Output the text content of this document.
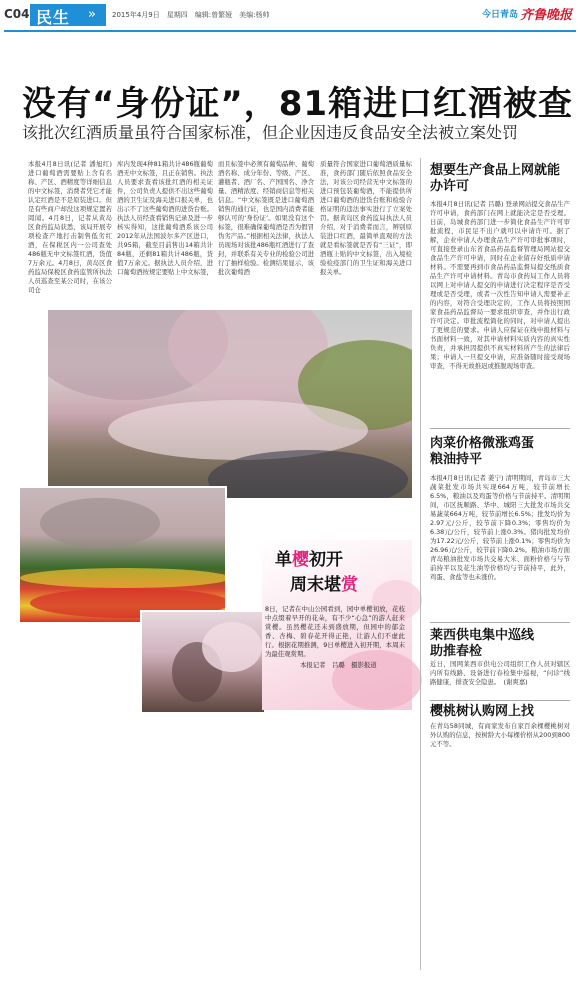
C04 民生 » 2015年4月9日　星期四　编辑:曾繁娅　美编:杨帅	今日青岛 齐鲁晚报
没有“身份证”，81箱进口红酒被查
该批次红酒质量虽符合国家标准，但企业因违反食品安全法被立案处罚
本报4月8日讯(记者 潘旭红) 进口葡萄酒需要贴上含有名称、产区、酒精度等详细信息的中文标签，消费者凭它才能认定红酒是不是原装进口。但是有些商户却没这项规定置若罔闻。4月8日，记者从黄岛区食药监局获悉，该局开展专项检查产地打击制售低劣红酒，在保税区内一公司查处486瓶无中文标签红酒，货值7万余元。4月8日，黄岛区食药监局保税区食药监管所执法人员巡查至某公司时，在该公司仓
库内发现4种81箱共计486瓶葡萄酒无中文标签，且正在销售。执法人员要求查看该批红酒的相关证件，公司负责人提供不出这些葡萄酒的卫生证及海关进口报关单，也出示不了这些葡萄酒的进货台账。执法人员经查看销售记录及进一步核实得知，这批葡萄酒系该公司2012年从法国波尔多产区进口，共95箱，截至目前售出14箱共计84瓶，还剩81箱共计486瓶，货值7万余元。据执法人员介绍，进口葡萄酒按规定要贴上中文标签，
而且标签中必须有葡萄品种、葡萄酒名称、成分年份、等级、产区、灌瓶者、酒厂名、产国国名、净含量、酒精浓度、经销商信息等相关信息。“中文标签既是进口葡萄酒销售的通行证，也是国内消费者能够认可的‘身份证’。如果没有这个标签，很难确保葡萄酒是否为假冒伪劣产品。”根据相关法律，执法人员现场对该批486瓶红酒进行了查封，并联系有关专业的检验公司进行了抽样检验。检测结果显示，该批次葡萄酒
质量符合国家进口葡萄酒质量标准，食药部门随后依照食品安全法，对该公司经营无中文标签的进口预包装葡萄酒，不能提供所进口葡萄酒的进货台账和检验合格证明的违法事实进行了立案处罚。据黄岛区食药监局执法人员介绍，对于消费者而言，辨别原装进口红酒，最简单直观的方法就是看标签就是否有“三证”，即酒瓶上贴的中文标签，出入境检验检疫部门的卫生证和海关进口报关单。
单樱初开
周末堪赏
8日，记者在中山公园看到，园中单樱初放，花枝中点缀着早开的花朵，有不少“心急”的游人赶来赏樱。虽然樱花还未到盛放期，但园中的郁金香、杏梅、碧春花开得正艳，让游人们不虚此行。根据花期推测，9日单樱进入初开期，本周末为最佳观赏期。
本报记者　吕璐　摄影报道
想要生产食品上网就能办许可
本报4月8日讯(记者 吕璐) 登录网站提交食品生产许可申请，食药部门在网上就能决定是否受理。日前，岛城食药部门进一步简化食品生产许可审批流程，市民足不出户就可以申请许可。据了解，企业申请人办理食品生产许可审批事项时，可直接登录山东省食品药品监督管理局网站提交食品生产许可申请，同时在企业留存好纸质申请材料。不需要再到市食品药品监督局提交纸质食品生产许可申请材料。青岛市食药局工作人员将以网上对申请人提交的申请进行决定程序是否受理或是否受理，或者一次性告知申请人需要补正的内容，对符合受理决定的，工作人员将按照国家食品药品监督局一要求组织审查，并作出行政许可决定。审批流程简化的同时，对申请人提出了更规范的要求。申请人应保证在线申报材料与书面材料一致，对其申请材料实质内容的真实性负责，并承担因提供不真实材料所产生的法律后果；申请人一旦提交申请，应准备随时接受现场审查，不得无故推迟或推脱现场审查。
肉菜价格微涨鸡蛋粮油持平
本报4月8日讯(记者 姜宁) 清明期间，青岛市三大蔬菜批发市场共实现664万吨，较节前增长6.5%，粮油以及鸡蛋等价格与节前持平。清明期间，市区抚顺路、华中、城阳三大批发市场共交易蔬菜664万吨，较节前增长6.5%；批发均价为2.97元/公斤，较节前下降0.3%；零售均价为6.38元/公斤，较节前上涨0.3%。猪肉批发均价为17.22元/公斤，较节前上涨0.1%；零售均价为26.96元/公斤，较节前下降0.2%。粮油市场方面青岛粮油批发市场共交易大米、面粉价格与与节前持平以及花生油等价格均与节前持平，此外，鸡蛋、食盐等也未涨价。
莱西供电集中巡线助推春检
近日，国网莱西市供电公司组织工作人员对辖区内所有线路、设备进行春检集中巡视，“问诊”线路健康，排查安全隐患。　(谢爽嘉)
樱桃树认购网上找
在青岛58同城，有商家发布自家百余棵樱桃树对外认购的信息，按树龄大小每棵价格从200到800元不等。
